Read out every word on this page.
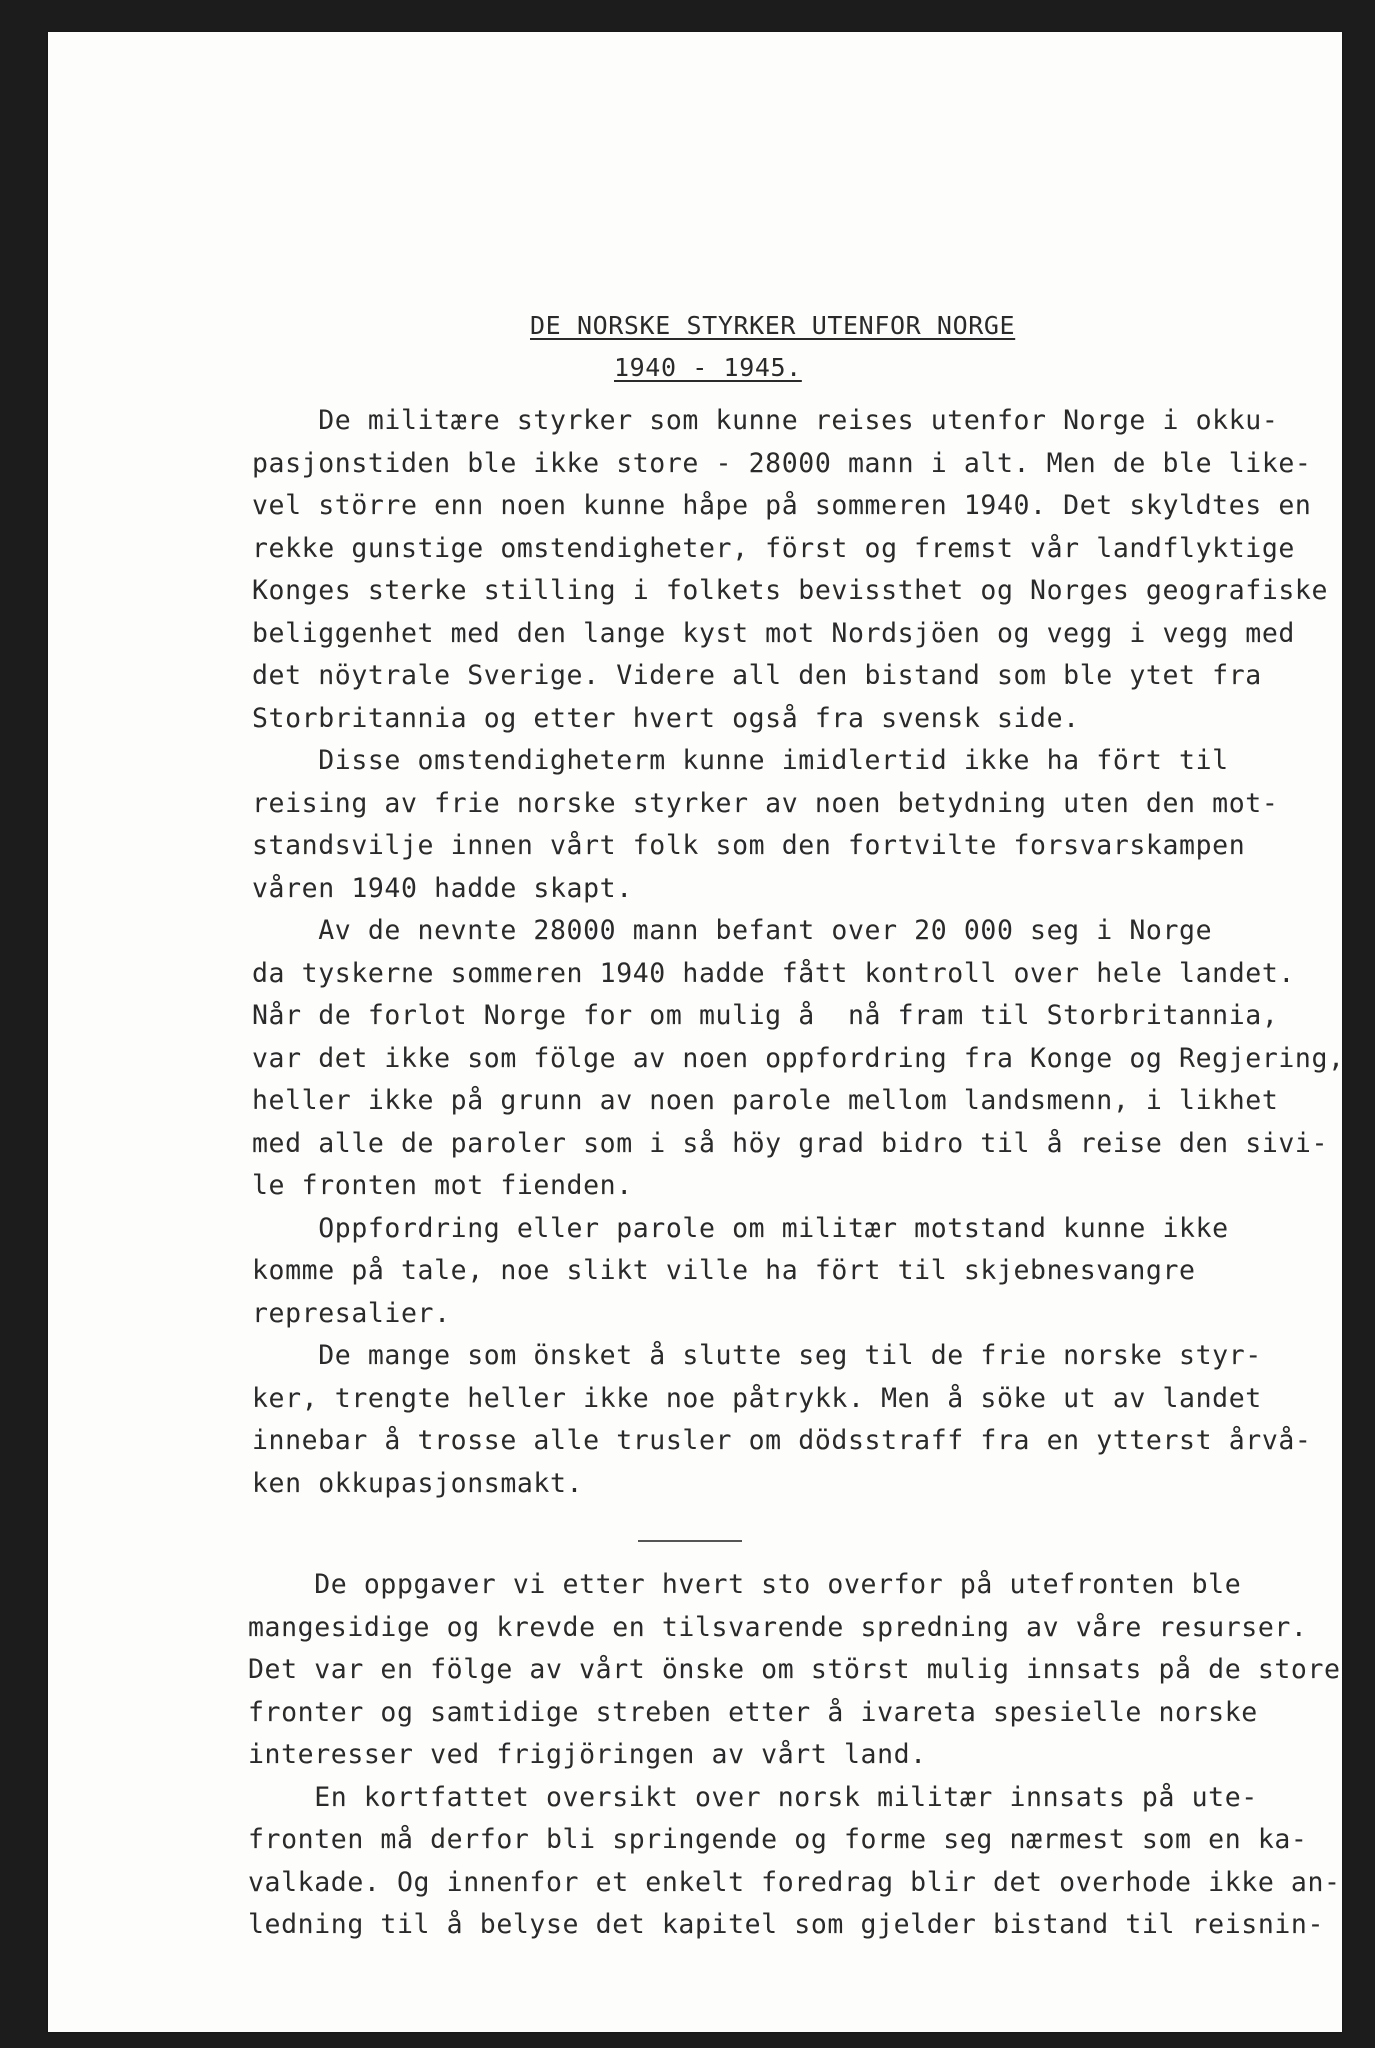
DE NORSKE STYRKER UTENFOR NORGE
1940 - 1945.
De militære styrker som kunne reises utenfor Norge i okku-
pasjonstiden ble ikke store - 28000 mann i alt. Men de ble like-
vel större enn noen kunne håpe på sommeren 1940. Det skyldtes en
rekke gunstige omstendigheter, först og fremst vår landflyktige
Konges sterke stilling i folkets bevissthet og Norges geografiske
beliggenhet med den lange kyst mot Nordsjöen og vegg i vegg med
det nöytrale Sverige. Videre all den bistand som ble ytet fra
Storbritannia og etter hvert også fra svensk side.
Disse omstendigheterm kunne imidlertid ikke ha fört til
reising av frie norske styrker av noen betydning uten den mot-
standsvilje innen vårt folk som den fortvilte forsvarskampen
våren 1940 hadde skapt.
Av de nevnte 28000 mann befant over 20 000 seg i Norge
da tyskerne sommeren 1940 hadde fått kontroll over hele landet.
Når de forlot Norge for om mulig å  nå fram til Storbritannia,
var det ikke som fölge av noen oppfordring fra Konge og Regjering,
heller ikke på grunn av noen parole mellom landsmenn, i likhet
med alle de paroler som i så höy grad bidro til å reise den sivi-
le fronten mot fienden.
Oppfordring eller parole om militær motstand kunne ikke
komme på tale, noe slikt ville ha fört til skjebnesvangre
represalier.
De mange som önsket å slutte seg til de frie norske styr-
ker, trengte heller ikke noe påtrykk. Men å söke ut av landet
innebar å trosse alle trusler om dödsstraff fra en ytterst årvå-
ken okkupasjonsmakt.
De oppgaver vi etter hvert sto overfor på utefronten ble
mangesidige og krevde en tilsvarende spredning av våre resurser.
Det var en fölge av vårt önske om störst mulig innsats på de store
fronter og samtidige streben etter å ivareta spesielle norske
interesser ved frigjöringen av vårt land.
En kortfattet oversikt over norsk militær innsats på ute-
fronten må derfor bli springende og forme seg nærmest som en ka-
valkade. Og innenfor et enkelt foredrag blir det overhode ikke an-
ledning til å belyse det kapitel som gjelder bistand til reisnin-
